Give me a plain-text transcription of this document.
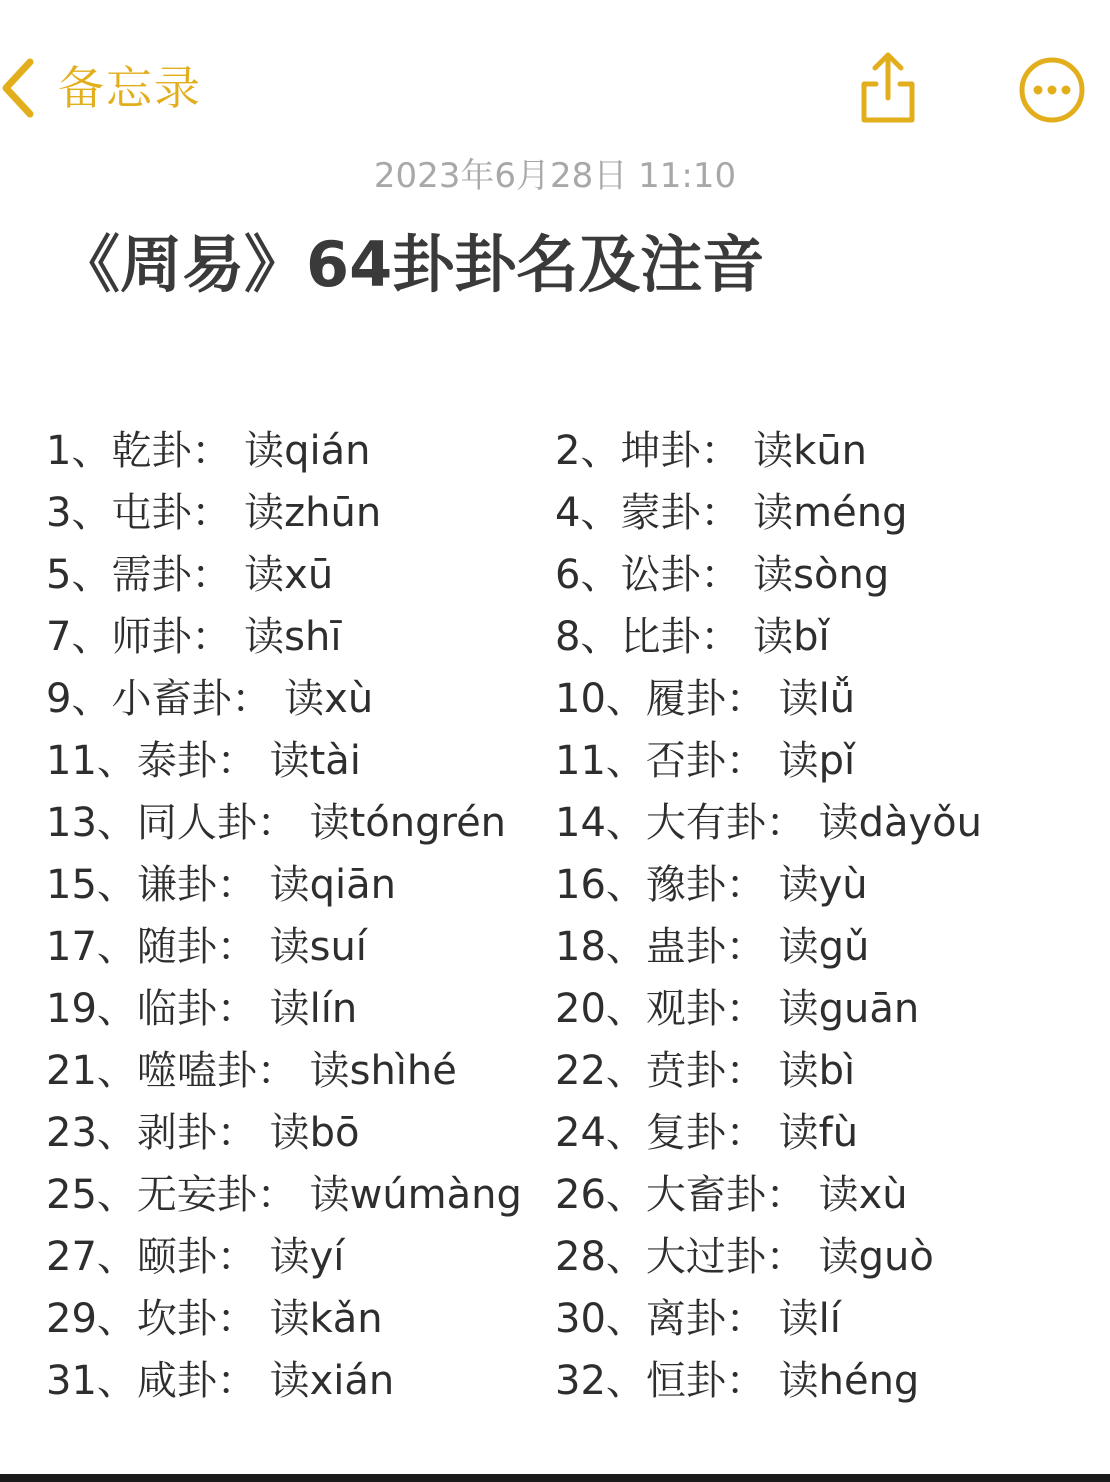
备忘录
2023年6月28日 11:10
《周易》64卦卦名及注音
1、乾卦： 读qián	2、坤卦： 读kūn
3、屯卦： 读zhūn	4、蒙卦： 读méng
5、需卦： 读xū	6、讼卦： 读sòng
7、师卦： 读shī	8、比卦： 读bǐ
9、小畜卦： 读xù	10、履卦： 读lǚ
11、泰卦： 读tài	11、否卦： 读pǐ
13、同人卦： 读tóngrén 14、大有卦： 读dàyǒu
15、谦卦： 读qiān	16、豫卦： 读yù
17、随卦： 读suí	18、蛊卦： 读gǔ
19、临卦： 读lín	20、观卦： 读guān
21、噬嗑卦： 读shìhé 22、贲卦： 读bì
23、剥卦： 读bō	24、复卦： 读fù
25、无妄卦： 读wúmàng 26、大畜卦： 读xù
27、颐卦： 读yí	28、大过卦： 读guò
29、坎卦： 读kǎn	30、离卦： 读lí
31、咸卦： 读xián	32、恒卦： 读héng
